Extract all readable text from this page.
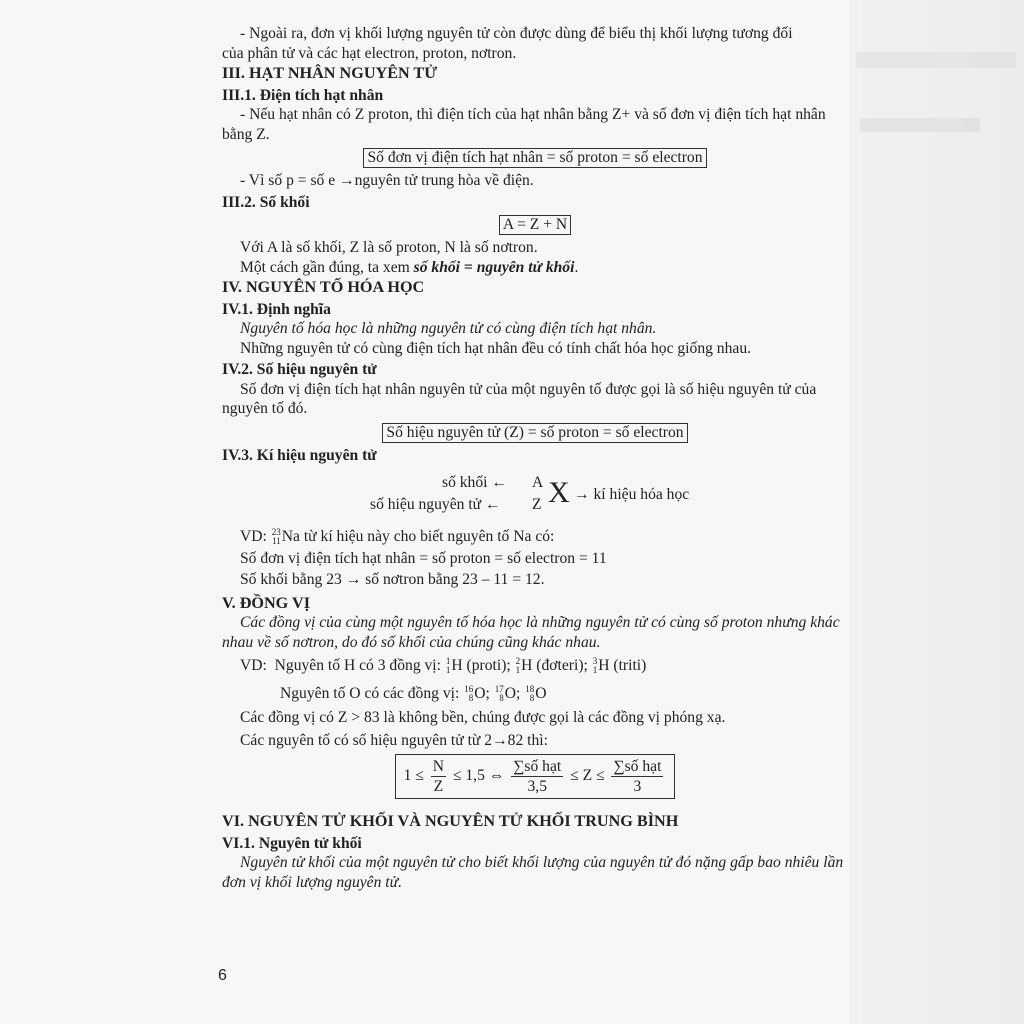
- Ngoài ra, đơn vị khối lượng nguyên tử còn được dùng để biểu thị khối lượng tương đối

của phân tử và các hạt electron, proton, nơtron.

III. HẠT NHÂN NGUYÊN TỬ

III.1. Điện tích hạt nhân

- Nếu hạt nhân có Z proton, thì điện tích của hạt nhân bằng Z+ và số đơn vị điện tích hạt nhân bằng Z.

Số đơn vị điện tích hạt nhân = số proton = số electron

- Vì số p = số e →nguyên tử trung hòa về điện.

III.2. Số khối

A = Z + N

Với A là số khối, Z là số proton, N là số nơtron.

Một cách gần đúng, ta xem số khối = nguyên tử khối.

IV. NGUYÊN TỐ HÓA HỌC

IV.1. Định nghĩa

Nguyên tố hóa học là những nguyên tử có cùng điện tích hạt nhân.

Những nguyên tử có cùng điện tích hạt nhân đều có tính chất hóa học giống nhau.

IV.2. Số hiệu nguyên tử

Số đơn vị điện tích hạt nhân nguyên tử của một nguyên tố được gọi là số hiệu nguyên tử của nguyên tố đó.

Số hiệu nguyên tử (Z) = số proton = số electron

IV.3. Kí hiệu nguyên tử

số khối ← A
số hiệu nguyên tử ← Z X → kí hiệu hóa học

VD: 23
11Na từ kí hiệu này cho biết nguyên tố Na có:

Số đơn vị điện tích hạt nhân = số proton = số electron = 11

Số khối bằng 23 → số nơtron bằng 23 – 11 = 12.

V. ĐỒNG VỊ

Các đồng vị của cùng một nguyên tố hóa học là những nguyên tử có cùng số proton nhưng khác nhau về số nơtron, do đó số khối của chúng cũng khác nhau.

VD: Nguyên tố H có 3 đồng vị: 1
1H (proti); 2
1H (đơteri); 3
1H (triti)

Nguyên tố O có các đồng vị: 16
8O; 17
8O; 18
8O

Các đồng vị có Z > 83 là không bền, chúng được gọi là các đồng vị phóng xạ.

Các nguyên tố có số hiệu nguyên tử từ 2→82 thì:

$1 \le \frac{N}{Z} \le 1,5$ ⇔ $\frac{\text{∑số hạt}}{3,5} \le Z \le \frac{\text{∑số hạt}}{3}$

VI. NGUYÊN TỬ KHỐI VÀ NGUYÊN TỬ KHỐI TRUNG BÌNH

VI.1. Nguyên tử khối

Nguyên tử khối của một nguyên tử cho biết khối lượng của nguyên tử đó nặng gấp bao nhiêu lần đơn vị khối lượng nguyên tử.

6
